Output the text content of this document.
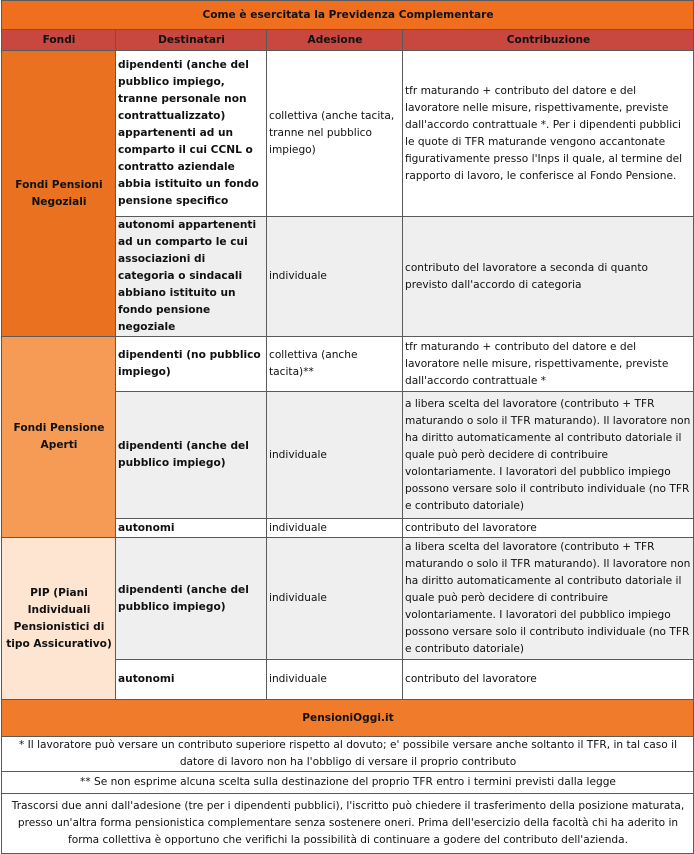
Come è esercitata la Previdenza Complementare			
Fondi	Destinatari	Adesione	Contribuzione
Fondi Pensioni Negoziali	dipendenti (anche del pubblico impiego, tranne personale non contrattualizzato) appartenenti ad un comparto il cui CCNL o contratto aziendale abbia istituito un fondo pensione specifico	collettiva (anche tacita, tranne nel pubblico impiego)	tfr maturando + contributo del datore e del lavoratore nelle misure, rispettivamente, previste dall'accordo contrattuale *. Per i dipendenti pubblici le quote di TFR maturande vengono accantonate figurativamente presso l'Inps il quale, al termine del rapporto di lavoro, le conferisce al Fondo Pensione.
	autonomi appartenenti ad un comparto le cui associazioni di categoria o sindacali abbiano istituito un fondo pensione negoziale	individuale	contributo del lavoratore a seconda di quanto previsto dall'accordo di categoria
Fondi Pensione Aperti	dipendenti (no pubblico impiego)	collettiva (anche tacita)**	tfr maturando + contributo del datore e del lavoratore nelle misure, rispettivamente, previste dall'accordo contrattuale *
	dipendenti (anche del pubblico impiego)	individuale	a libera scelta del lavoratore (contributo + TFR maturando o solo il TFR maturando). Il lavoratore non ha diritto automaticamente al contributo datoriale il quale può però decidere di contribuire volontariamente. I lavoratori del pubblico impiego possono versare solo il contributo individuale (no TFR e contributo datoriale)
	autonomi	individuale	contributo del lavoratore
PIP (Piani Individuali Pensionistici di tipo Assicurativo)	dipendenti (anche del pubblico impiego)	individuale	a libera scelta del lavoratore (contributo + TFR maturando o solo il TFR maturando). Il lavoratore non ha diritto automaticamente al contributo datoriale il quale può però decidere di contribuire volontariamente. I lavoratori del pubblico impiego possono versare solo il contributo individuale (no TFR e contributo datoriale)
	autonomi	individuale	contributo del lavoratore
PensioniOggi.it			
* Il lavoratore può versare un contributo superiore rispetto al dovuto; e' possibile versare anche soltanto il TFR, in tal caso il datore di lavoro non ha l'obbligo di versare il proprio contributo			
** Se non esprime alcuna scelta sulla destinazione del proprio TFR entro i termini previsti dalla legge			
Trascorsi due anni dall'adesione (tre per i dipendenti pubblici), l'iscritto può chiedere il trasferimento della posizione maturata, presso un'altra forma pensionistica complementare senza sostenere oneri. Prima dell'esercizio della facoltà chi ha aderito in forma collettiva è opportuno che verifichi la possibilità di continuare a godere del contributo dell'azienda.			
